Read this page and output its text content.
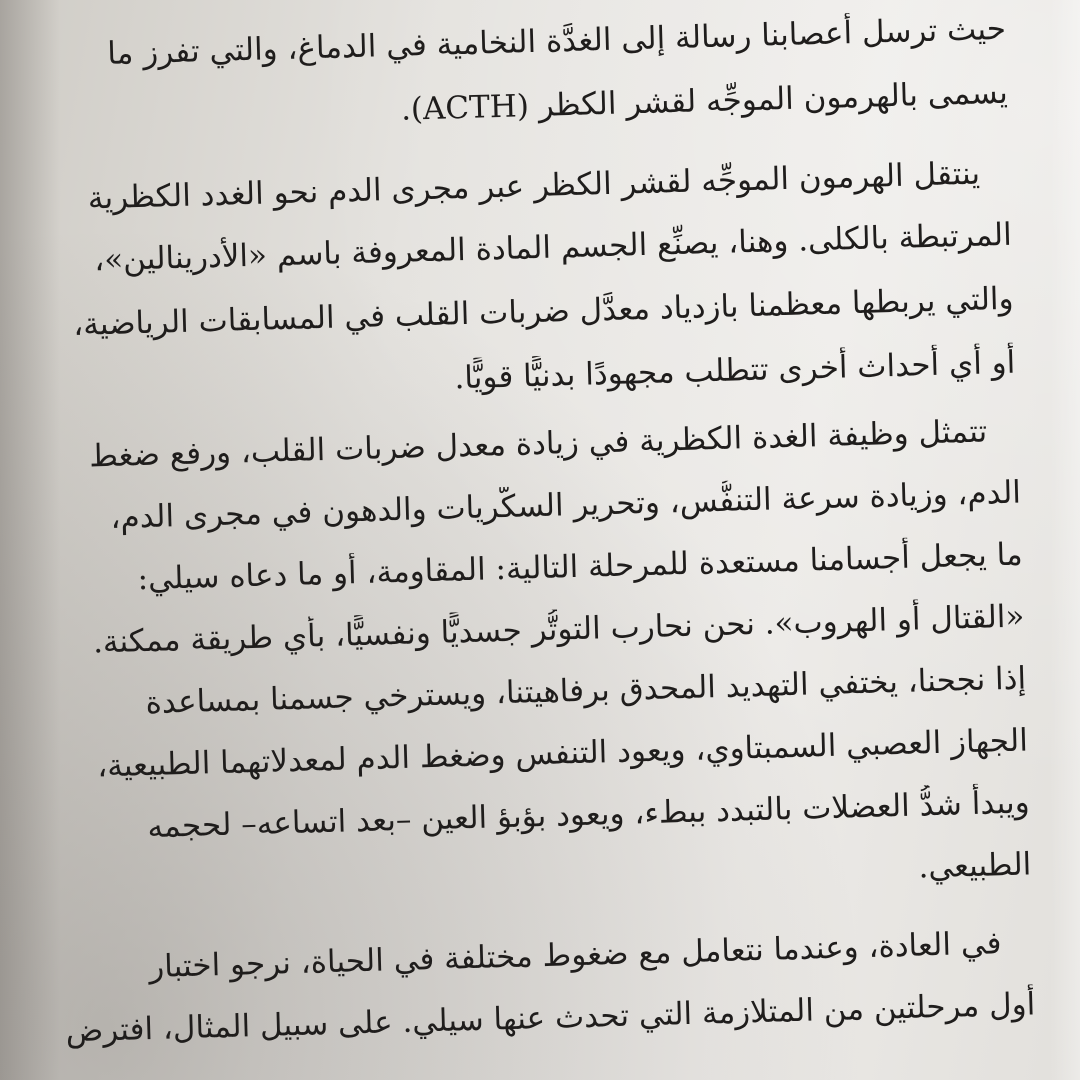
حيث ترسل أعصابنا رسالة إلى الغدَّة النخامية في الدماغ، والتي تفرز ما
يسمى بالهرمون الموجِّه لقشر الكظر (ACTH).
ينتقل الهرمون الموجِّه لقشر الكظر عبر مجرى الدم نحو الغدد الكظرية
المرتبطة بالكلى. وهنا، يصنِّع الجسم المادة المعروفة باسم «الأدرينالين»،
والتي يربطها معظمنا بازدياد معدَّل ضربات القلب في المسابقات الرياضية،
أو أي أحداث أخرى تتطلب مجهودًا بدنيًّا قويًّا.
تتمثل وظيفة الغدة الكظرية في زيادة معدل ضربات القلب، ورفع ضغط
الدم، وزيادة سرعة التنفُّس، وتحرير السكَّريات والدهون في مجرى الدم،
ما يجعل أجسامنا مستعدة للمرحلة التالية: المقاومة، أو ما دعاه سيلي:
«القتال أو الهروب». نحن نحارب التوتُّر جسديًّا ونفسيًّا، بأي طريقة ممكنة.
إذا نجحنا، يختفي التهديد المحدق برفاهيتنا، ويسترخي جسمنا بمساعدة
الجهاز العصبي السمبتاوي، ويعود التنفس وضغط الدم لمعدلاتهما الطبيعية،
ويبدأ شدُّ العضلات بالتبدد ببطء، ويعود بؤبؤ العين –بعد اتساعه– لحجمه
الطبيعي.
في العادة، وعندما نتعامل مع ضغوط مختلفة في الحياة، نرجو اختبار
أول مرحلتين من المتلازمة التي تحدث عنها سيلي. على سبيل المثال، افترض
